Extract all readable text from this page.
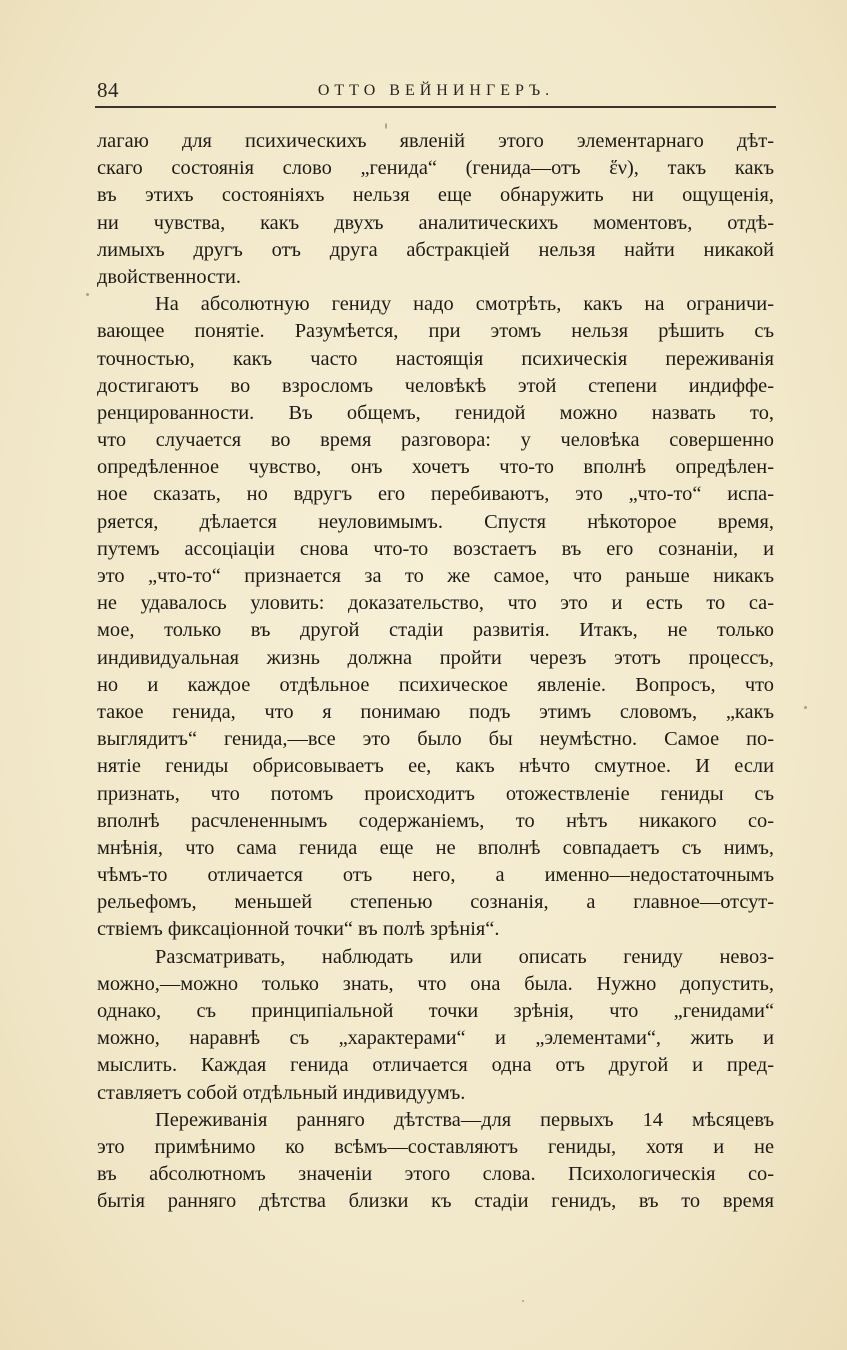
84	ОТТО ВЕЙНИНГЕРЪ.
лагаю для психическихъ явленій этого элементарнаго дѣт-
скаго состоянія слово „генида“ (генида—отъ ἕν), такъ какъ
въ этихъ состояніяхъ нельзя еще обнаружить ни ощущенія,
ни чувства, какъ двухъ аналитическихъ моментовъ, отдѣ-
лимыхъ другъ отъ друга абстракціей нельзя найти никакой
двойственности.
На абсолютную гениду надо смотрѣть, какъ на ограничи-
вающее понятіе. Разумѣется, при этомъ нельзя рѣшить съ
точностью, какъ часто настоящія психическія переживанія
достигаютъ во взросломъ человѣкѣ этой степени индиффе-
ренцированности. Въ общемъ, генидой можно назвать то,
что случается во время разговора: у человѣка совершенно
опредѣленное чувство, онъ хочетъ что-то вполнѣ опредѣлен-
ное сказать, но вдругъ его перебиваютъ, это „что-то“ испа-
ряется, дѣлается неуловимымъ. Спустя нѣкоторое время,
путемъ ассоціаціи снова что-то возстаетъ въ его сознаніи, и
это „что-то“ признается за то же самое, что раньше никакъ
не удавалось уловить: доказательство, что это и есть то са-
мое, только въ другой стадіи развитія. Итакъ, не только
индивидуальная жизнь должна пройти черезъ этотъ процессъ,
но и каждое отдѣльное психическое явленіе. Вопросъ, что
такое генида, что я понимаю подъ этимъ словомъ, „какъ
выглядитъ“ генида,—все это было бы неумѣстно. Самое по-
нятіе гениды обрисовываетъ ее, какъ нѣчто смутное. И если
признать, что потомъ происходитъ отожествленіе гениды съ
вполнѣ расчлененнымъ содержаніемъ, то нѣтъ никакого со-
мнѣнія, что сама генида еще не вполнѣ совпадаетъ съ нимъ,
чѣмъ-то отличается отъ него, а именно—недостаточнымъ
рельефомъ, меньшей степенью сознанія, а главное—отсут-
ствіемъ фиксаціонной точки“ въ полѣ зрѣнія“.
Разсматривать, наблюдать или описать гениду невоз-
можно,—можно только знать, что она была. Нужно допустить,
однако, съ принципіальной точки зрѣнія, что „генидами“
можно, наравнѣ съ „характерами“ и „элементами“, жить и
мыслить. Каждая генида отличается одна отъ другой и пред-
ставляетъ собой отдѣльный индивидуумъ.
Переживанія ранняго дѣтства—для первыхъ 14 мѣсяцевъ
это примѣнимо ко всѣмъ—составляютъ гениды, хотя и не
въ абсолютномъ значеніи этого слова. Психологическія со-
бытія ранняго дѣтства близки къ стадіи генидъ, въ то время
